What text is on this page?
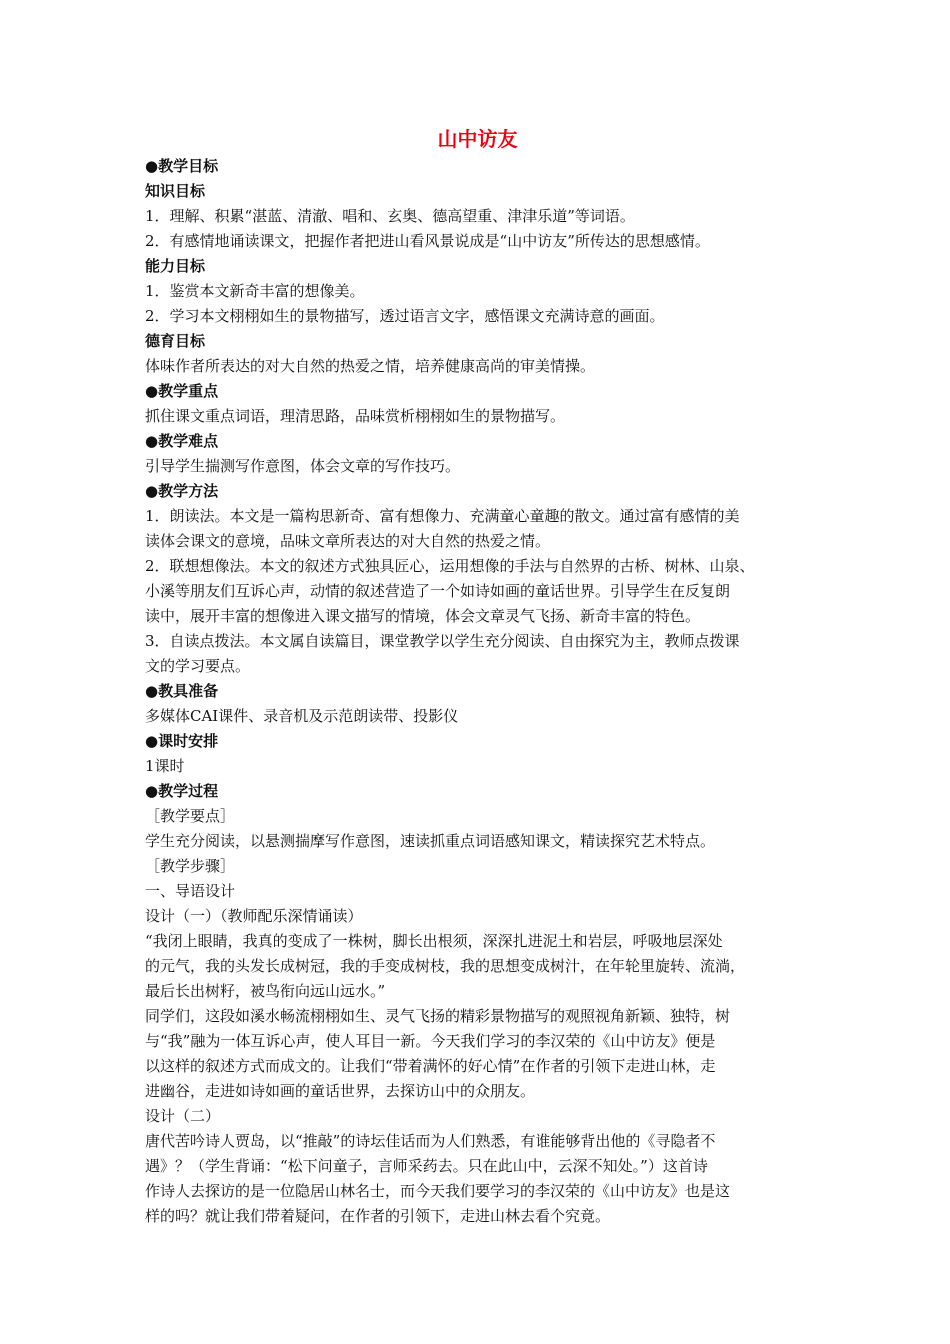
山中访友
●教学目标
知识目标
1．理解、积累“湛蓝、清澈、唱和、玄奥、德高望重、津津乐道”等词语。
2．有感情地诵读课文，把握作者把进山看风景说成是“山中访友”所传达的思想感情。
能力目标
1．鉴赏本文新奇丰富的想像美。
2．学习本文栩栩如生的景物描写，透过语言文字，感悟课文充满诗意的画面。
德育目标
体味作者所表达的对大自然的热爱之情，培养健康高尚的审美情操。
●教学重点
抓住课文重点词语，理清思路，品味赏析栩栩如生的景物描写。
●教学难点
引导学生揣测写作意图，体会文章的写作技巧。
●教学方法
1．朗读法。本文是一篇构思新奇、富有想像力、充满童心童趣的散文。通过富有感情的美
读体会课文的意境，品味文章所表达的对大自然的热爱之情。
2．联想想像法。本文的叙述方式独具匠心，运用想像的手法与自然界的古桥、树林、山泉、
小溪等朋友们互诉心声，动情的叙述营造了一个如诗如画的童话世界。引导学生在反复朗
读中，展开丰富的想像进入课文描写的情境，体会文章灵气飞扬、新奇丰富的特色。
3．自读点拨法。本文属自读篇目，课堂教学以学生充分阅读、自由探究为主，教师点拨课
文的学习要点。
●教具准备
多媒体CAI课件、录音机及示范朗读带、投影仪
●课时安排
1课时
●教学过程
［教学要点］
学生充分阅读，以悬测揣摩写作意图，速读抓重点词语感知课文，精读探究艺术特点。
［教学步骤］
一、导语设计
设计（一）（教师配乐深情诵读）
“我闭上眼睛，我真的变成了一株树，脚长出根须，深深扎进泥土和岩层，呼吸地层深处
的元气，我的头发长成树冠，我的手变成树枝，我的思想变成树汁，在年轮里旋转、流淌，
最后长出树籽，被鸟衔向远山远水。”
同学们，这段如溪水畅流栩栩如生、灵气飞扬的精彩景物描写的观照视角新颖、独特，树
与“我”融为一体互诉心声，使人耳目一新。今天我们学习的李汉荣的《山中访友》便是
以这样的叙述方式而成文的。让我们“带着满怀的好心情”在作者的引领下走进山林，走
进幽谷，走进如诗如画的童话世界，去探访山中的众朋友。
设计（二）
唐代苦吟诗人贾岛，以“推敲”的诗坛佳话而为人们熟悉，有谁能够背出他的《寻隐者不
遇》？（学生背诵：“松下问童子，言师采药去。只在此山中，云深不知处。”）这首诗
作诗人去探访的是一位隐居山林名士，而今天我们要学习的李汉荣的《山中访友》也是这
样的吗？就让我们带着疑问，在作者的引领下，走进山林去看个究竟。
